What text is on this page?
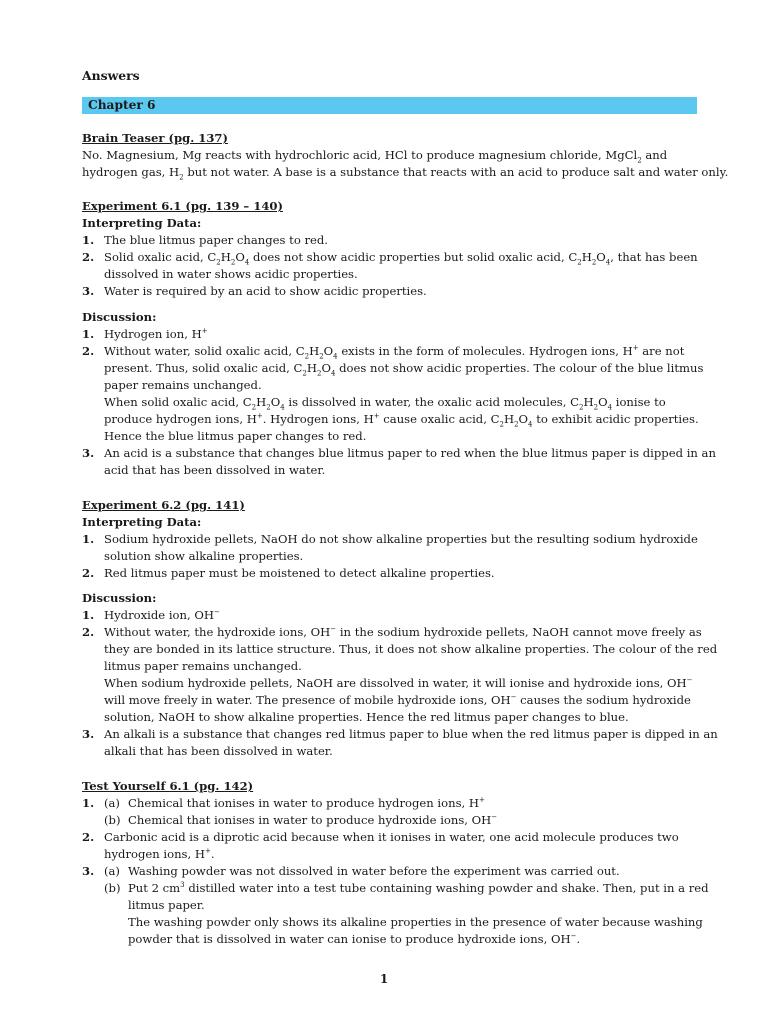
Answers
Chapter 6
Brain Teaser (pg. 137)
No. Magnesium, Mg reacts with hydrochloric acid, HCl to produce magnesium chloride, MgCl$_2$ and
hydrogen gas, $H_2$ but not water. A base is a substance that reacts with an acid to produce salt and water only.
Experiment 6.1 (pg. 139 – 140)
Interpreting Data:
1. The blue litmus paper changes to red.
2. Solid oxalic acid, $C_2H_2O_4$ does not show acidic properties but solid oxalic acid, $C_2H_2O_4$, that has been
dissolved in water shows acidic properties.
3. Water is required by an acid to show acidic properties.
Discussion:
1. Hydrogen ion, H+
2. Without water, solid oxalic acid, $C_2H_2O_4$ exists in the form of molecules. Hydrogen ions, H+ are not
present. Thus, solid oxalic acid, $C_2H_2O_4$ does not show acidic properties. The colour of the blue litmus
paper remains unchanged.
When solid oxalic acid, $C_2H_2O_4$ is dissolved in water, the oxalic acid molecules, $C_2H_2O_4$ ionise to
produce hydrogen ions, H+. Hydrogen ions, H+ cause oxalic acid, $C_2H_2O_4$ to exhibit acidic properties.
Hence the blue litmus paper changes to red.
3. An acid is a substance that changes blue litmus paper to red when the blue litmus paper is dipped in an
acid that has been dissolved in water.
Experiment 6.2 (pg. 141)
Interpreting Data:
1. Sodium hydroxide pellets, NaOH do not show alkaline properties but the resulting sodium hydroxide
solution show alkaline properties.
2. Red litmus paper must be moistened to detect alkaline properties.
Discussion:
1. Hydroxide ion, OH−
2. Without water, the hydroxide ions, OH− in the sodium hydroxide pellets, NaOH cannot move freely as
they are bonded in its lattice structure. Thus, it does not show alkaline properties. The colour of the red
litmus paper remains unchanged.
When sodium hydroxide pellets, NaOH are dissolved in water, it will ionise and hydroxide ions, OH−
will move freely in water. The presence of mobile hydroxide ions, OH− causes the sodium hydroxide
solution, NaOH to show alkaline properties. Hence the red litmus paper changes to blue.
3. An alkali is a substance that changes red litmus paper to blue when the red litmus paper is dipped in an
alkali that has been dissolved in water.
Test Yourself 6.1 (pg. 142)
1. (a) Chemical that ionises in water to produce hydrogen ions, H+
(b) Chemical that ionises in water to produce hydroxide ions, OH−
2. Carbonic acid is a diprotic acid because when it ionises in water, one acid molecule produces two
hydrogen ions, H+.
3. (a) Washing powder was not dissolved in water before the experiment was carried out.
(b) Put 2 $cm^3$ distilled water into a test tube containing washing powder and shake. Then, put in a red
litmus paper.
The washing powder only shows its alkaline properties in the presence of water because washing
powder that is dissolved in water can ionise to produce hydroxide ions, OH−.
1
